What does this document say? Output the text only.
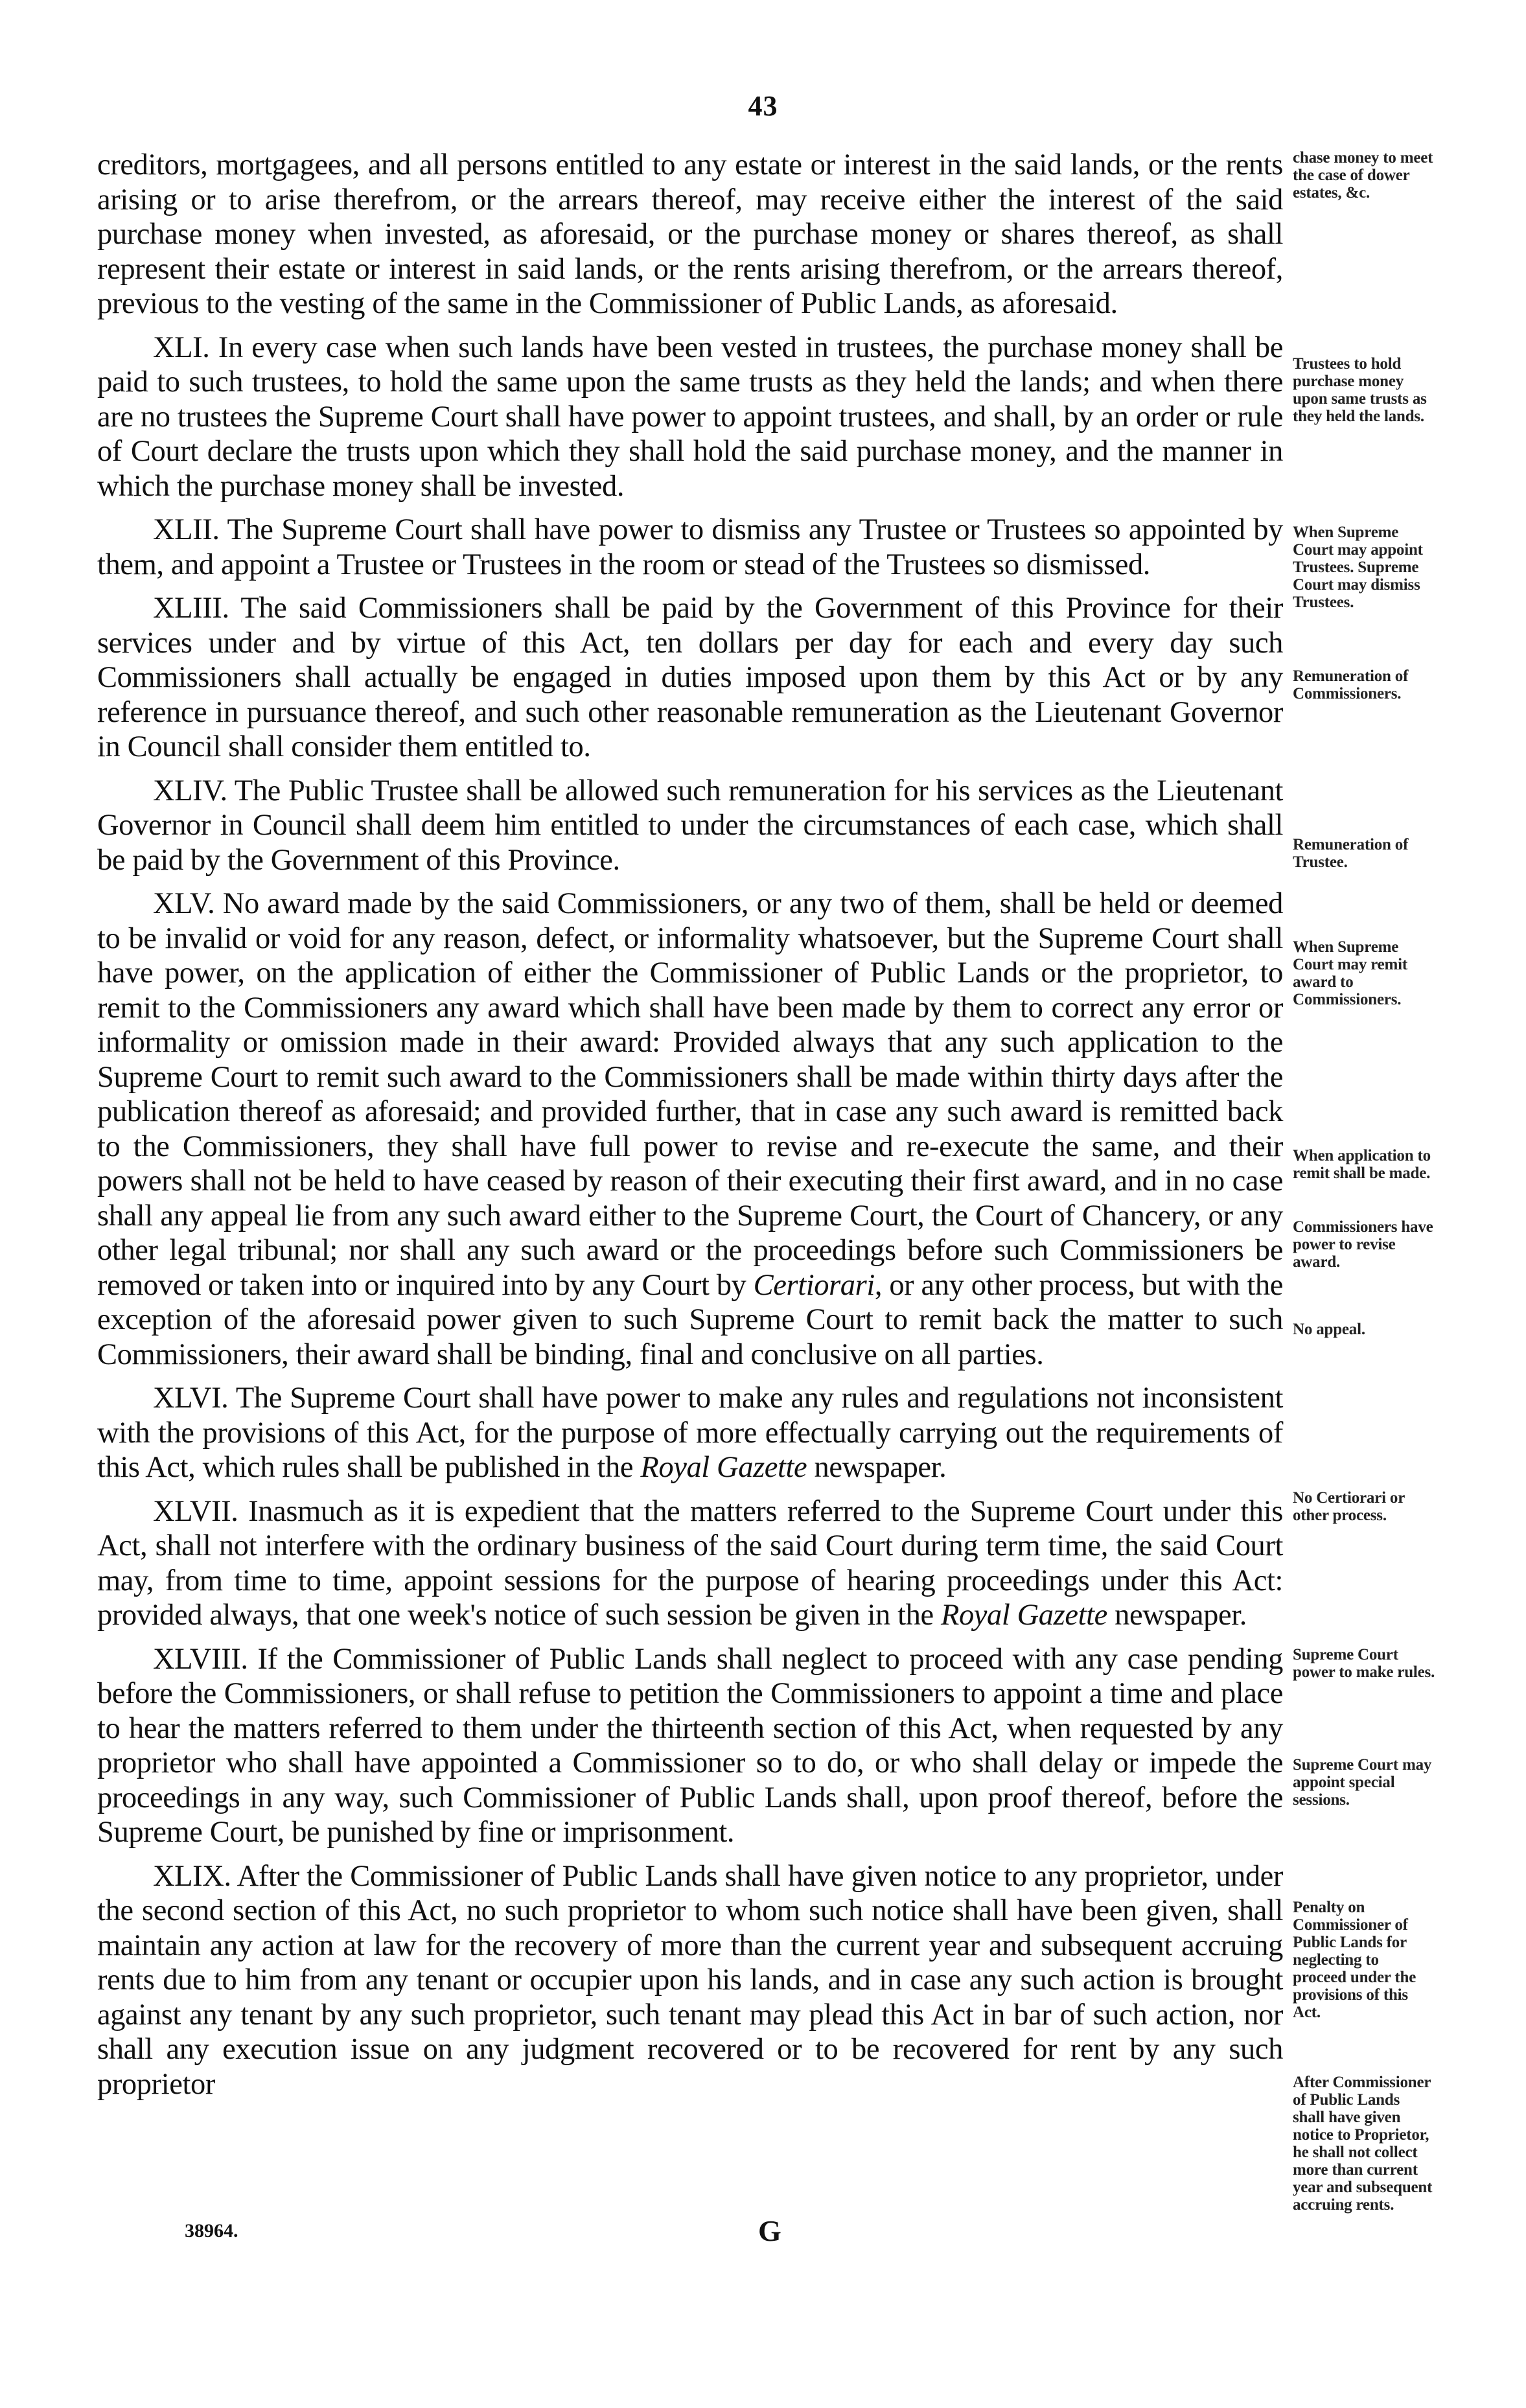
43

creditors, mortgagees, and all persons entitled to any estate or interest in the said lands, or the rents arising or to arise therefrom, or the arrears thereof, may receive either the interest of the said purchase money when invested, as aforesaid, or the purchase money or shares thereof, as shall represent their estate or interest in said lands, or the rents arising therefrom, or the arrears thereof, previous to the vesting of the same in the Commissioner of Public Lands, as aforesaid.

XLI. In every case when such lands have been vested in trustees, the purchase money shall be paid to such trustees, to hold the same upon the same trusts as they held the lands; and when there are no trustees the Supreme Court shall have power to appoint trustees, and shall, by an order or rule of Court declare the trusts upon which they shall hold the said purchase money, and the manner in which the purchase money shall be invested.

XLII. The Supreme Court shall have power to dismiss any Trustee or Trustees so appointed by them, and appoint a Trustee or Trustees in the room or stead of the Trustees so dismissed.

XLIII. The said Commissioners shall be paid by the Government of this Province for their services under and by virtue of this Act, ten dollars per day for each and every day such Commissioners shall actually be engaged in duties imposed upon them by this Act or by any reference in pursuance thereof, and such other reasonable remuneration as the Lieutenant Governor in Council shall consider them entitled to.

XLIV. The Public Trustee shall be allowed such remuneration for his services as the Lieutenant Governor in Council shall deem him entitled to under the circumstances of each case, which shall be paid by the Government of this Province.

XLV. No award made by the said Commissioners, or any two of them, shall be held or deemed to be invalid or void for any reason, defect, or informality whatsoever, but the Supreme Court shall have power, on the application of either the Commissioner of Public Lands or the proprietor, to remit to the Commissioners any award which shall have been made by them to correct any error or informality or omission made in their award: Provided always that any such application to the Supreme Court to remit such award to the Commissioners shall be made within thirty days after the publication thereof as aforesaid; and provided further, that in case any such award is remitted back to the Commissioners, they shall have full power to revise and re-execute the same, and their powers shall not be held to have ceased by reason of their executing their first award, and in no case shall any appeal lie from any such award either to the Supreme Court, the Court of Chancery, or any other legal tribunal; nor shall any such award or the proceedings before such Commissioners be removed or taken into or inquired into by any Court by Certiorari, or any other process, but with the exception of the aforesaid power given to such Supreme Court to remit back the matter to such Commissioners, their award shall be binding, final and conclusive on all parties.

XLVI. The Supreme Court shall have power to make any rules and regulations not inconsistent with the provisions of this Act, for the purpose of more effectually carrying out the requirements of this Act, which rules shall be published in the Royal Gazette newspaper.

XLVII. Inasmuch as it is expedient that the matters referred to the Supreme Court under this Act, shall not interfere with the ordinary business of the said Court during term time, the said Court may, from time to time, appoint sessions for the purpose of hearing proceedings under this Act: provided always, that one week's notice of such session be given in the Royal Gazette newspaper.

XLVIII. If the Commissioner of Public Lands shall neglect to proceed with any case pending before the Commissioners, or shall refuse to petition the Commissioners to appoint a time and place to hear the matters referred to them under the thirteenth section of this Act, when requested by any proprietor who shall have appointed a Commissioner so to do, or who shall delay or impede the proceedings in any way, such Commissioner of Public Lands shall, upon proof thereof, before the Supreme Court, be punished by fine or imprisonment.

XLIX. After the Commissioner of Public Lands shall have given notice to any proprietor, under the second section of this Act, no such proprietor to whom such notice shall have been given, shall maintain any action at law for the recovery of more than the current year and subsequent accruing rents due to him from any tenant or occupier upon his lands, and in case any such action is brought against any tenant by any such proprietor, such tenant may plead this Act in bar of such action, nor shall any execution issue on any judgment recovered or to be recovered for rent by any such proprietor

chase money to meet the case of dower estates, &c.
Trustees to hold purchase money upon same trusts as they held the lands.
When Supreme Court may appoint Trustees. Supreme Court may dismiss Trustees.
Remuneration of Commissioners.
Remuneration of Trustee.
When Supreme Court may remit award to Commissioners.
When application to remit shall be made.
Commissioners have power to revise award.
No appeal.
No Certiorari or other process.
Supreme Court power to make rules.
Supreme Court may appoint special sessions.
Penalty on Commissioner of Public Lands for neglecting to proceed under the provisions of this Act.
After Commissioner of Public Lands shall have given notice to Proprietor, he shall not collect more than current year and subsequent accruing rents.
38964.	G
